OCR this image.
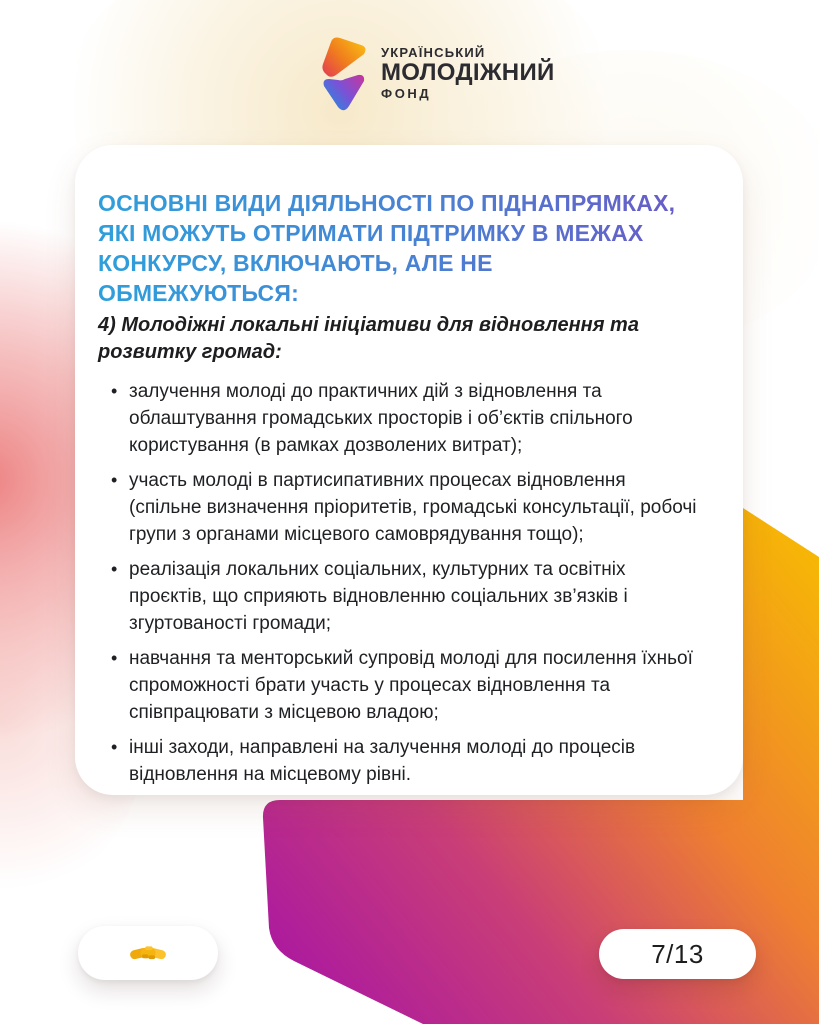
УКРАЇНСЬКИЙ
МОЛОДІЖНИЙ
ФОНД
ОСНОВНІ ВИДИ ДІЯЛЬНОСТІ ПО ПІДНАПРЯМКАХ,
ЯКІ МОЖУТЬ ОТРИМАТИ ПІДТРИМКУ В МЕЖАХ
КОНКУРСУ, ВКЛЮЧАЮТЬ, АЛЕ НЕ
ОБМЕЖУЮТЬСЯ:

4) Молодіжні локальні ініціативи для відновлення та розвитку громад:

• залучення молоді до практичних дій з відновлення та облаштування громадських просторів і об’єктів спільного користування (в рамках дозволених витрат);
• участь молоді в партисипативних процесах відновлення (спільне визначення пріоритетів, громадські консультації, робочі групи з органами місцевого самоврядування тощо);
• реалізація локальних соціальних, культурних та освітніх проєктів, що сприяють відновленню соціальних зв’язків і згуртованості громади;
• навчання та менторський супровід молоді для посилення їхньої спроможності брати участь у процесах відновлення та співпрацювати з місцевою владою;
• інші заходи, направлені на залучення молоді до процесів відновлення на місцевому рівні.
7/13
